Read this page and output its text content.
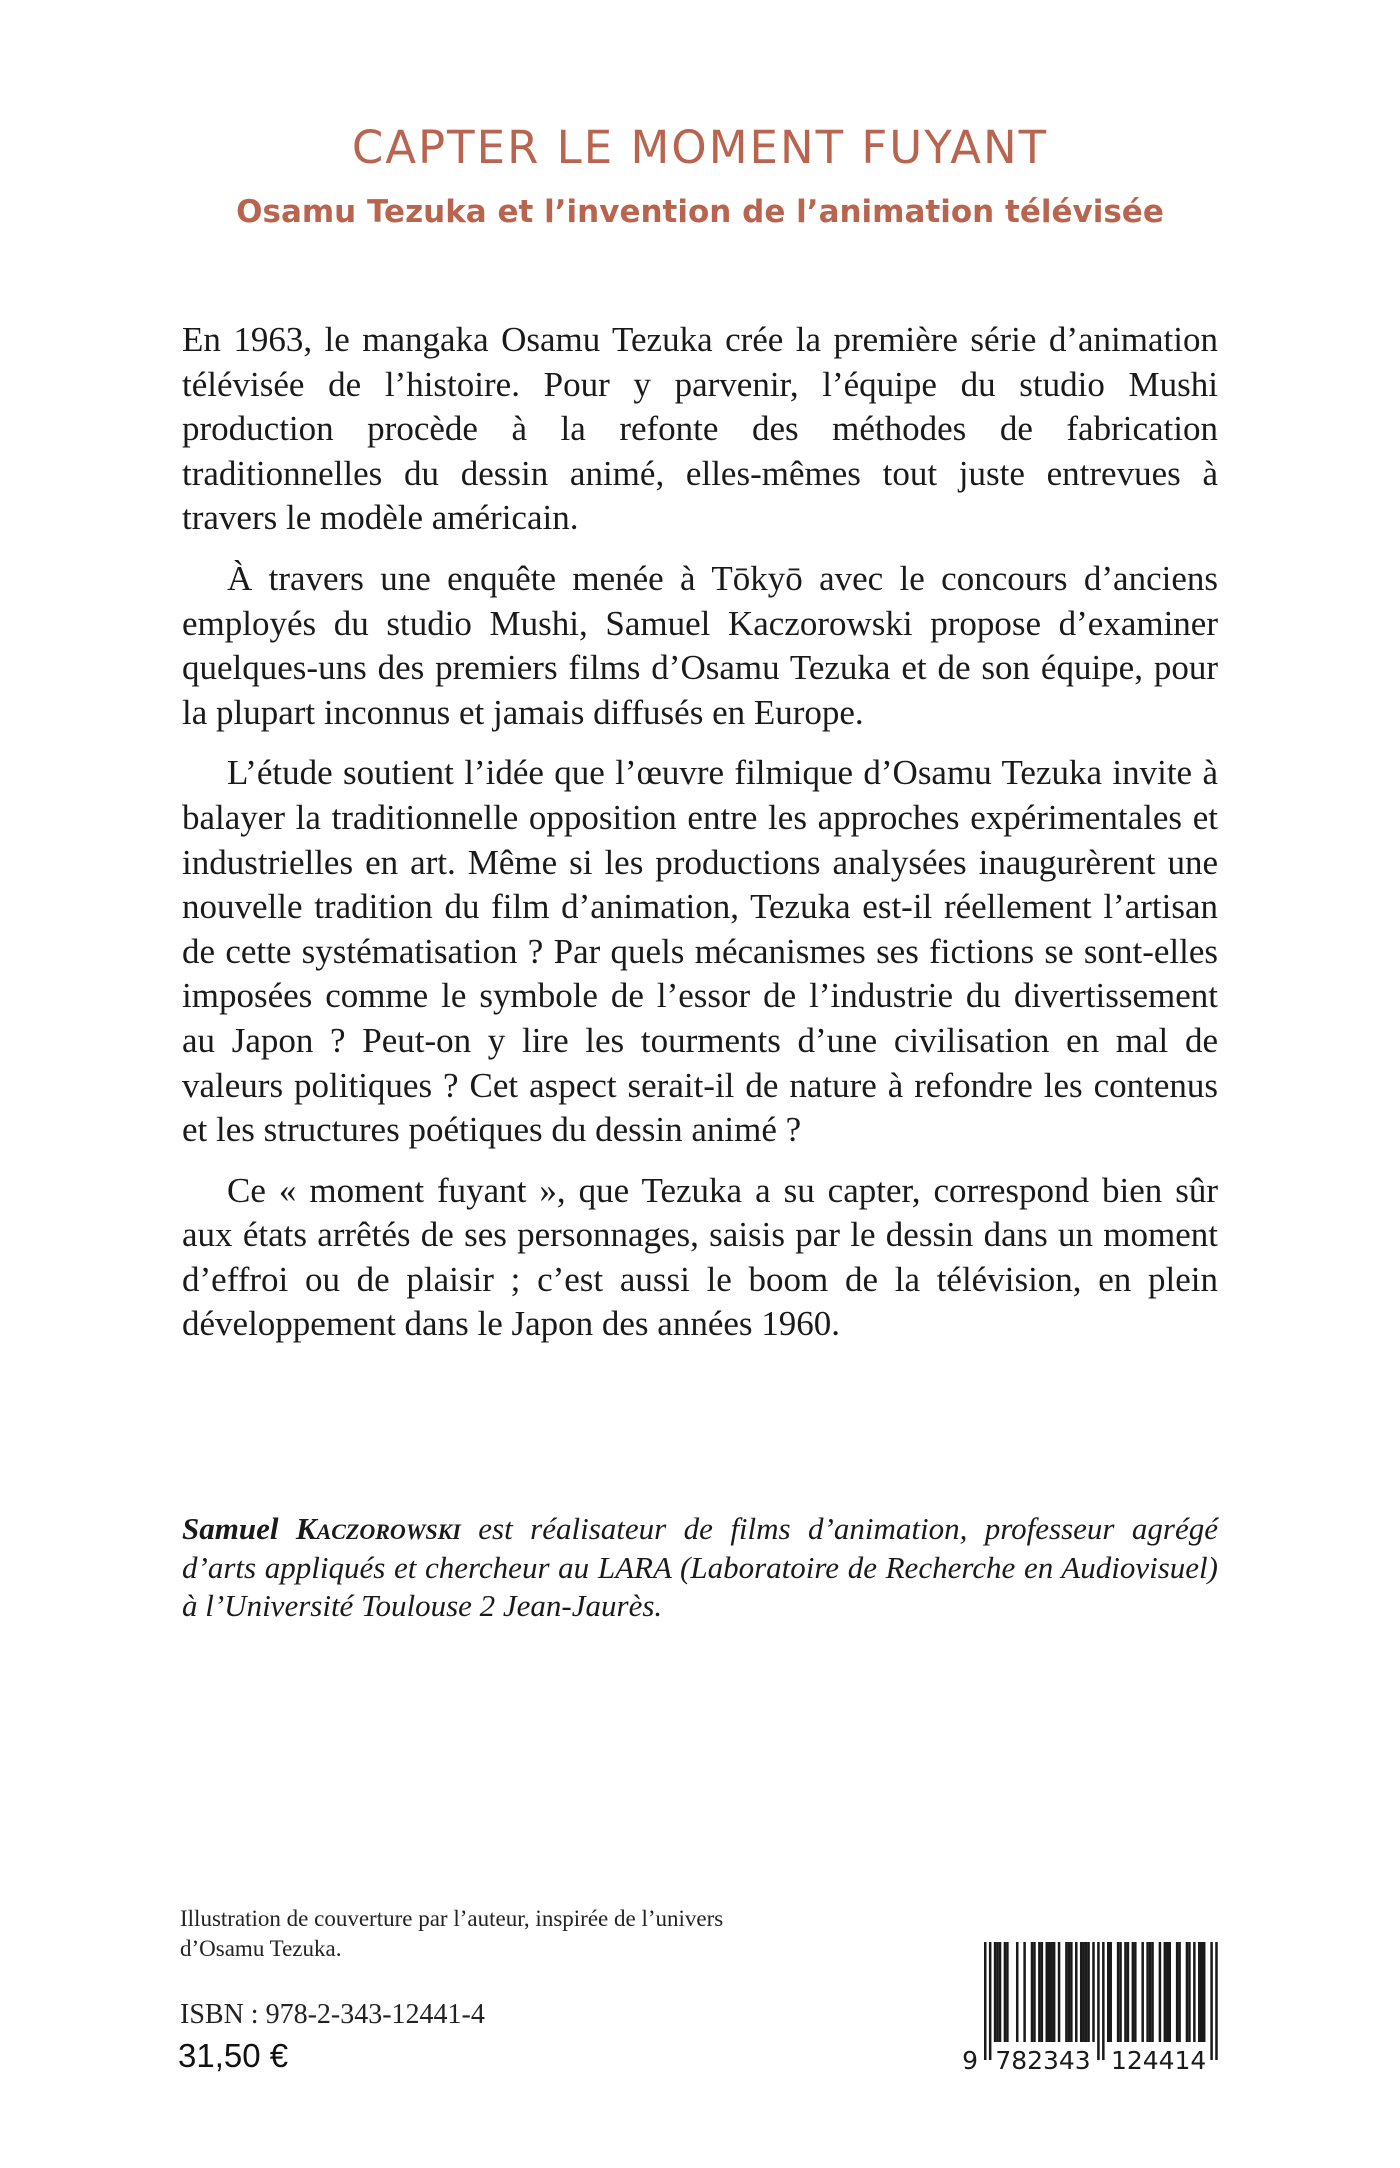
CAPTER LE MOMENT FUYANT
Osamu Tezuka et l’invention de l’animation télévisée

En 1963, le mangaka Osamu Tezuka crée la première série d’animation télévisée de l’histoire. Pour y parvenir, l’équipe du studio Mushi production procède à la refonte des méthodes de fabrication traditionnelles du dessin animé, elles-mêmes tout juste entrevues à travers le modèle américain.

À travers une enquête menée à Tōkyō avec le concours d’anciens employés du studio Mushi, Samuel Kaczorowski propose d’examiner quelques-uns des premiers films d’Osamu Tezuka et de son équipe, pour la plupart inconnus et jamais diffusés en Europe.

L’étude soutient l’idée que l’œuvre filmique d’Osamu Tezuka invite à balayer la traditionnelle opposition entre les approches expérimentales et industrielles en art. Même si les productions analysées inaugurèrent une nouvelle tradition du film d’animation, Tezuka est-il réellement l’artisan de cette systématisation ? Par quels mécanismes ses fictions se sont-elles imposées comme le symbole de l’essor de l’industrie du divertissement au Japon ? Peut-on y lire les tourments d’une civilisation en mal de valeurs politiques ? Cet aspect serait-il de nature à refondre les contenus et les structures poétiques du dessin animé ?

Ce « moment fuyant », que Tezuka a su capter, correspond bien sûr aux états arrêtés de ses personnages, saisis par le dessin dans un moment d’effroi ou de plaisir ; c’est aussi le boom de la télévision, en plein développement dans le Japon des années 1960.

Samuel Kaczorowski est réalisateur de films d’animation, professeur agrégé d’arts appliqués et chercheur au LARA (Laboratoire de Recherche en Audiovisuel) à l’Université Toulouse 2 Jean-Jaurès.

Illustration de couverture par l’auteur, inspirée de l’univers d’Osamu Tezuka.

ISBN : 978-2-343-12441-4

31,50 €	9 782343 124414
